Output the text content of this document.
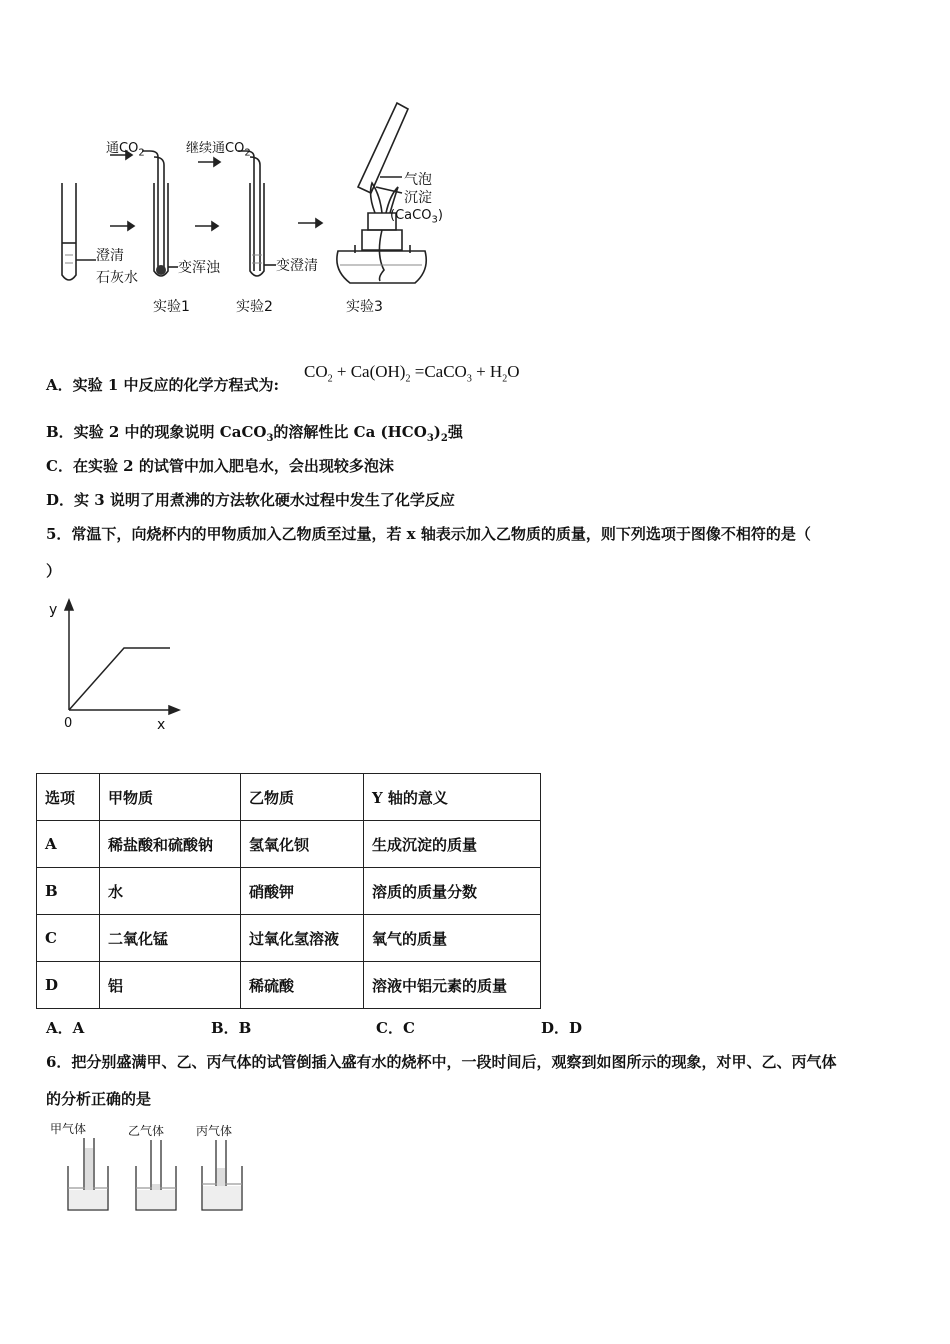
通$CO_2$	继续通$CO_2$
澄清
石灰水
变浑浊	变澄清
气泡
沉淀
(CaCO$_3$)
实验1	实验2	实验3
A．实验 1 中反应的化学方程式为:
$CO_2 + Ca(OH)_2$ =CaCO$_3$ + $H_2O$
B．实验 2 中的现象说明 CaCO$_3$的溶解性比 Ca $(HCO_3)_2$强
C．在实验 2 的试管中加入肥皂水，会出现较多泡沫
D．实 3 说明了用煮沸的方法软化硬水过程中发生了化学反应
5．常温下，向烧杯内的甲物质加入乙物质至过量，若 x 轴表示加入乙物质的质量，则下列选项于图像不相符的是（
）
y
0	x
选项	甲物质	乙物质	Y 轴的意义
A	稀盐酸和硫酸钠	氢氧化钡	生成沉淀的质量
B	水	硝酸钾	溶质的质量分数
C	二氧化锰	过氧化氢溶液	氧气的质量
D	铝	稀硫酸	溶液中铝元素的质量
A．A	B．B	C．C	D．D
6．把分别盛满甲、乙、丙气体的试管倒插入盛有水的烧杯中，一段时间后，观察到如图所示的现象，对甲、乙、丙气体
的分析正确的是
甲气体	乙气体	丙气体
